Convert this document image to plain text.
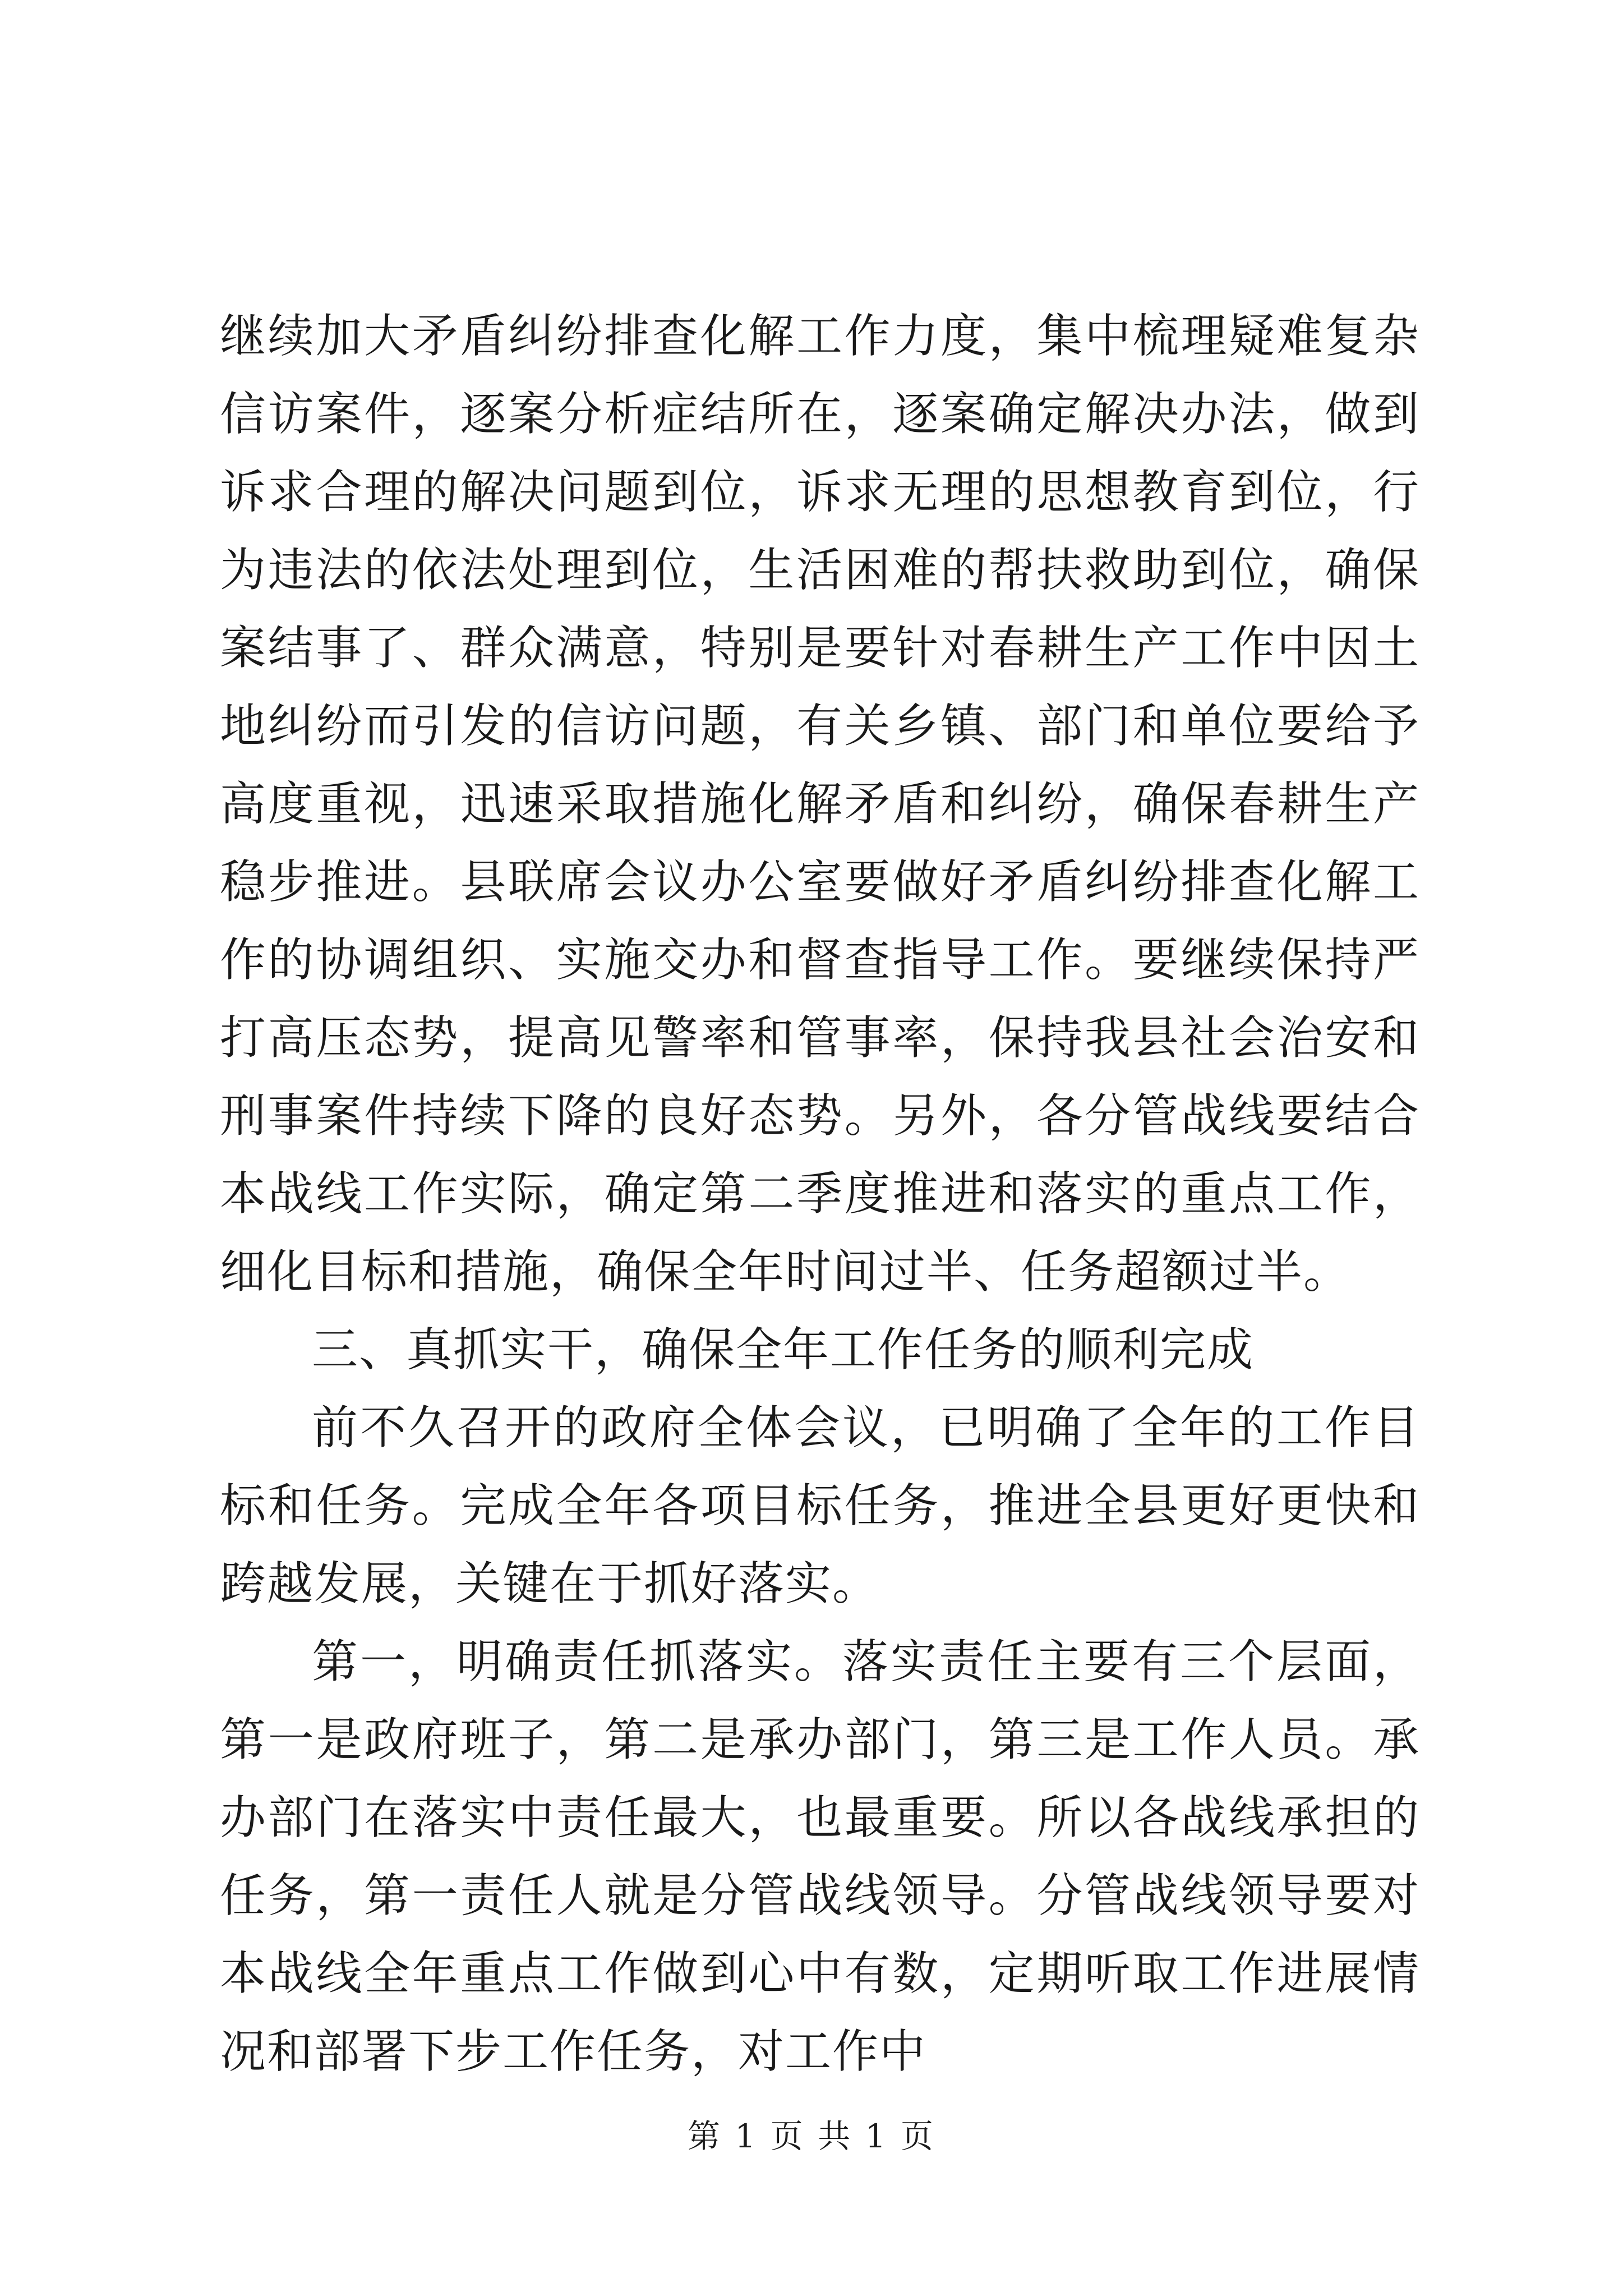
继续加大矛盾纠纷排查化解工作力度，集中梳理疑难复杂信访案件，逐案分析症结所在，逐案确定解决办法，做到诉求合理的解决问题到位，诉求无理的思想教育到位，行为违法的依法处理到位，生活困难的帮扶救助到位，确保案结事了、群众满意，特别是要针对春耕生产工作中因土地纠纷而引发的信访问题，有关乡镇、部门和单位要给予高度重视，迅速采取措施化解矛盾和纠纷，确保春耕生产稳步推进。县联席会议办公室要做好矛盾纠纷排查化解工作的协调组织、实施交办和督查指导工作。要继续保持严打高压态势，提高见警率和管事率，保持我县社会治安和刑事案件持续下降的良好态势。另外，各分管战线要结合本战线工作实际，确定第二季度推进和落实的重点工作，细化目标和措施，确保全年时间过半、任务超额过半。

三、真抓实干，确保全年工作任务的顺利完成

前不久召开的政府全体会议，已明确了全年的工作目标和任务。完成全年各项目标任务，推进全县更好更快和跨越发展，关键在于抓好落实。

第一，明确责任抓落实。落实责任主要有三个层面，第一是政府班子，第二是承办部门，第三是工作人员。承办部门在落实中责任最大，也最重要。所以各战线承担的任务，第一责任人就是分管战线领导。分管战线领导要对本战线全年重点工作做到心中有数，定期听取工作进展情况和部署下步工作任务，对工作中

第 1 页 共 1 页
